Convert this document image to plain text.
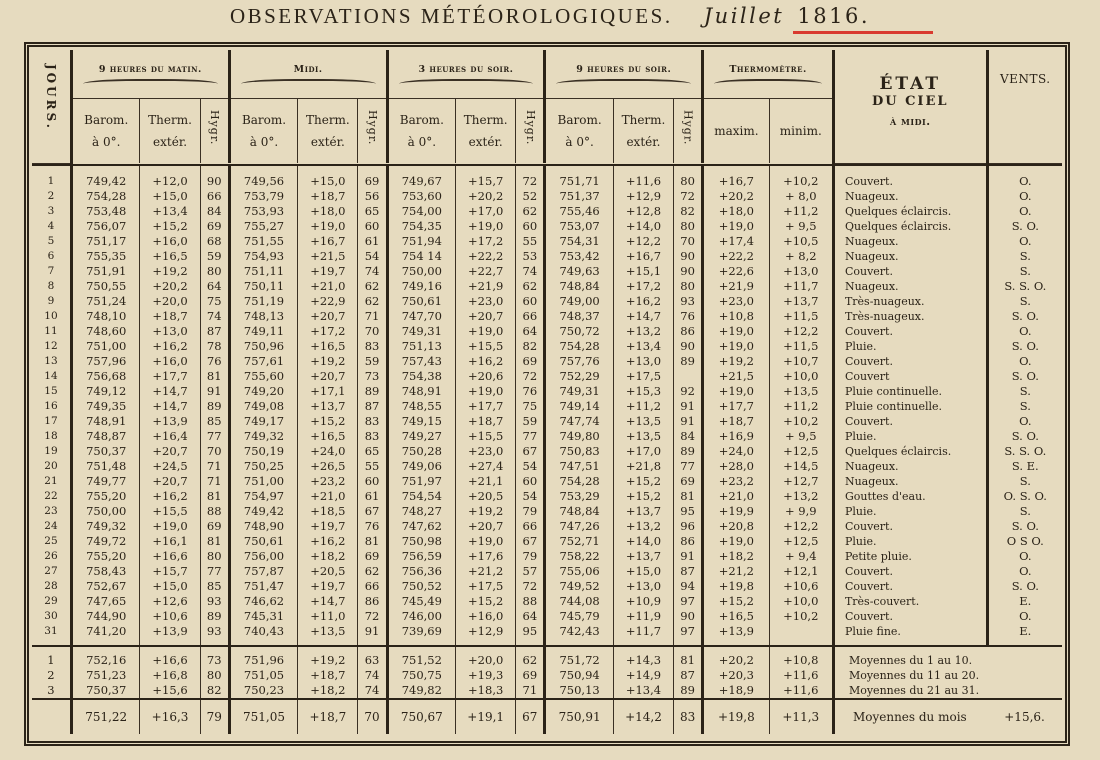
OBSERVATIONS MÉTÉOROLOGIQUES. Juillet 1816.
JOURS.	9 heures du matin.			Midi.			3 heures du soir.			9 heures du soir.			Thermomètre.		ÉTAT
DU CIEL
à midi.	VENTS.
	Barom.
à 0°.	Therm.
extér.	Hygr.	Barom.
à 0°.	Therm.
extér.	Hygr.	Barom.
à 0°.	Therm.
extér.	Hygr.	Barom.
à 0°.	Therm.
extér.	Hygr.	maxim.	minim.		

1	749,42	+12,0	90	749,56	+15,0	69	749,67	+15,7	72	751,71	+11,6	80	+16,7	+10,2	Couvert.	O.
2	754,28	+15,0	66	753,79	+18,7	56	753,60	+20,2	52	751,37	+12,9	72	+20,2	+ 8,0	Nuageux.	O.
3	753,48	+13,4	84	753,93	+18,0	65	754,00	+17,0	62	755,46	+12,8	82	+18,0	+11,2	Quelques éclaircis.	O.
4	756,07	+15,2	69	755,27	+19,0	60	754,35	+19,0	60	753,07	+14,0	80	+19,0	+ 9,5	Quelques éclaircis.	S. O.
5	751,17	+16,0	68	751,55	+16,7	61	751,94	+17,2	55	754,31	+12,2	70	+17,4	+10,5	Nuageux.	O.
6	755,35	+16,5	59	754,93	+21,5	54	754 14	+22,2	53	753,42	+16,7	90	+22,2	+ 8,2	Nuageux.	S.
7	751,91	+19,2	80	751,11	+19,7	74	750,00	+22,7	74	749,63	+15,1	90	+22,6	+13,0	Couvert.	S.
8	750,55	+20,2	64	750,11	+21,0	62	749,16	+21,9	62	748,84	+17,2	80	+21,9	+11,7	Nuageux.	S. S. O.
9	751,24	+20,0	75	751,19	+22,9	62	750,61	+23,0	60	749,00	+16,2	93	+23,0	+13,7	Très-nuageux.	S.
10	748,10	+18,7	74	748,13	+20,7	71	747,70	+20,7	66	748,37	+14,7	76	+10,8	+11,5	Très-nuageux.	S. O.
11	748,60	+13,0	87	749,11	+17,2	70	749,31	+19,0	64	750,72	+13,2	86	+19,0	+12,2	Couvert.	O.
12	751,00	+16,2	78	750,96	+16,5	83	751,13	+15,5	82	754,28	+13,4	90	+19,0	+11,5	Pluie.	S. O.
13	757,96	+16,0	76	757,61	+19,2	59	757,43	+16,2	69	757,76	+13,0	89	+19,2	+10,7	Couvert.	O.
14	756,68	+17,7	81	755,60	+20,7	73	754,38	+20,6	72	752,29	+17,5		+21,5	+10,0	Couvert	S. O.
15	749,12	+14,7	91	749,20	+17,1	89	748,91	+19,0	76	749,31	+15,3	92	+19,0	+13,5	Pluie continuelle.	S.
16	749,35	+14,7	89	749,08	+13,7	87	748,55	+17,7	75	749,14	+11,2	91	+17,7	+11,2	Pluie continuelle.	S.
17	748,91	+13,9	85	749,17	+15,2	83	749,15	+18,7	59	747,74	+13,5	91	+18,7	+10,2	Couvert.	O.
18	748,87	+16,4	77	749,32	+16,5	83	749,27	+15,5	77	749,80	+13,5	84	+16,9	+ 9,5	Pluie.	S. O.
19	750,37	+20,7	70	750,19	+24,0	65	750,28	+23,0	67	750,83	+17,0	89	+24,0	+12,5	Quelques éclaircis.	S. S. O.
20	751,48	+24,5	71	750,25	+26,5	55	749,06	+27,4	54	747,51	+21,8	77	+28,0	+14,5	Nuageux.	S. E.
21	749,77	+20,7	71	751,00	+23,2	60	751,97	+21,1	60	754,28	+15,2	69	+23,2	+12,7	Nuageux.	S.
22	755,20	+16,2	81	754,97	+21,0	61	754,54	+20,5	54	753,29	+15,2	81	+21,0	+13,2	Gouttes d'eau.	O. S. O.
23	750,00	+15,5	88	749,42	+18,5	67	748,27	+19,2	79	748,84	+13,7	95	+19,9	+ 9,9	Pluie.	S.
24	749,32	+19,0	69	748,90	+19,7	76	747,62	+20,7	66	747,26	+13,2	96	+20,8	+12,2	Couvert.	S. O.
25	749,72	+16,1	81	750,61	+16,2	81	750,98	+19,0	67	752,71	+14,0	86	+19,0	+12,5	Pluie.	O S O.
26	755,20	+16,6	80	756,00	+18,2	69	756,59	+17,6	79	758,22	+13,7	91	+18,2	+ 9,4	Petite pluie.	O.
27	758,43	+15,7	77	757,87	+20,5	62	756,36	+21,2	57	755,06	+15,0	87	+21,2	+12,1	Couvert.	O.
28	752,67	+15,0	85	751,47	+19,7	66	750,52	+17,5	72	749,52	+13,0	94	+19,8	+10,6	Couvert.	S. O.
29	747,65	+12,6	93	746,62	+14,7	86	745,49	+15,2	88	744,08	+10,9	97	+15,2	+10,0	Très-couvert.	E.
30	744,90	+10,6	89	745,31	+11,0	72	746,00	+16,0	64	745,79	+11,9	90	+16,5	+10,2	Couvert.	O.
31	741,20	+13,9	93	740,43	+13,5	91	739,69	+12,9	95	742,43	+11,7	97	+13,9		Pluie fine.	E.

1	752,16	+16,6	73	751,96	+19,2	63	751,52	+20,0	62	751,72	+14,3	81	+20,2	+10,8	Moyennes du 1 au 10.	
2	751,23	+16,8	80	751,05	+18,7	74	750,75	+19,3	69	750,94	+14,9	87	+20,3	+11,6	Moyennes du 11 au 20.	
3	750,37	+15,6	82	750,23	+18,2	74	749,82	+18,3	71	750,13	+13,4	89	+18,9	+11,6	Moyennes du 21 au 31.	

	751,22	+16,3	79	751,05	+18,7	70	750,67	+19,1	67	750,91	+14,2	83	+19,8	+11,3	Moyennes du mois	+15,6.
